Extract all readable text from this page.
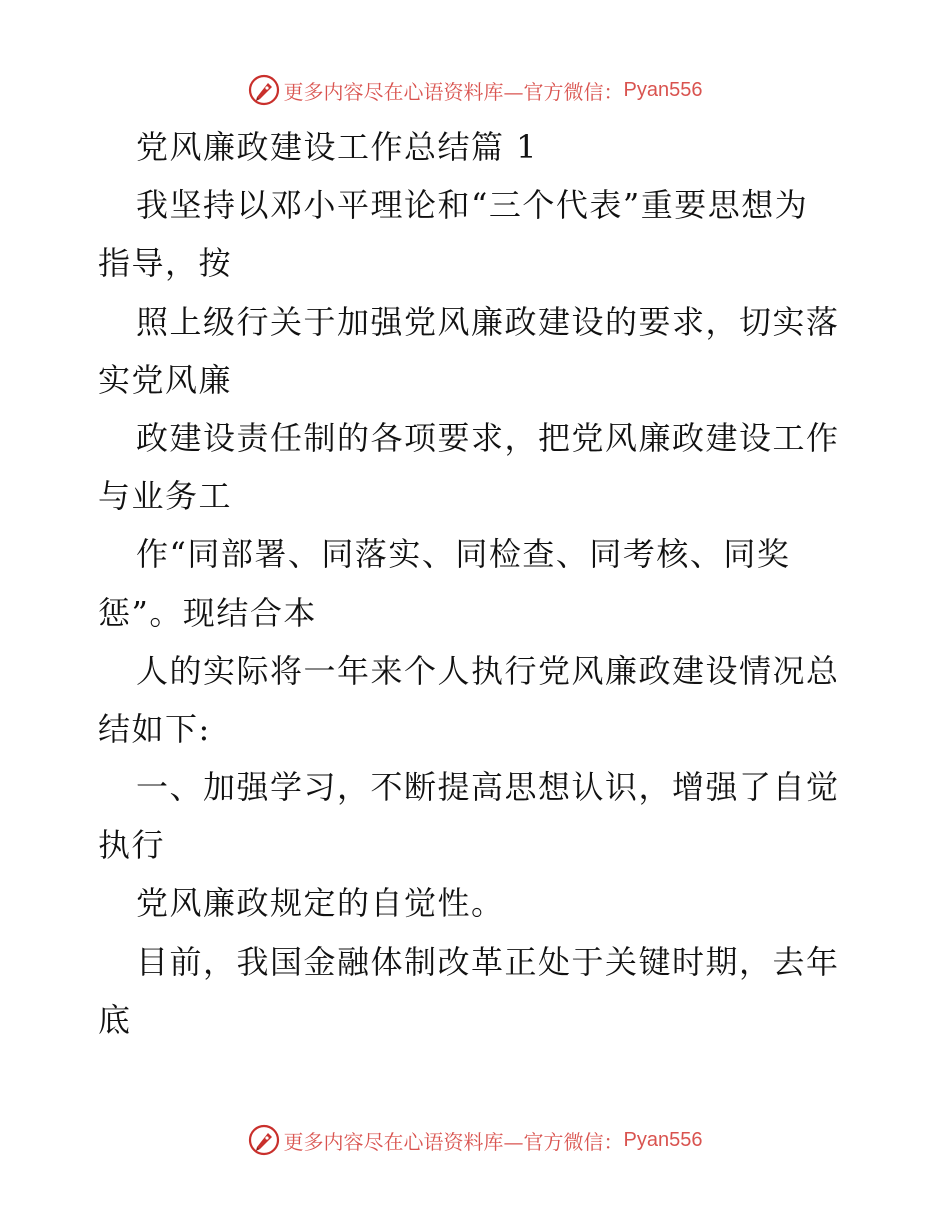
更多内容尽在心语资料库—官方微信： Pyan556
党风廉政建设工作总结篇 1
我坚持以邓小平理论和“三个代表”重要思想为
指导，按
照上级行关于加强党风廉政建设的要求，切实落
实党风廉
政建设责任制的各项要求，把党风廉政建设工作
与业务工
作“同部署、同落实、同检查、同考核、同奖
惩”。现结合本
人的实际将一年来个人执行党风廉政建设情况总
结如下:
一、加强学习，不断提高思想认识，增强了自觉
执行
党风廉政规定的自觉性。
目前，我国金融体制改革正处于关键时期，去年
底
更多内容尽在心语资料库—官方微信： Pyan556
